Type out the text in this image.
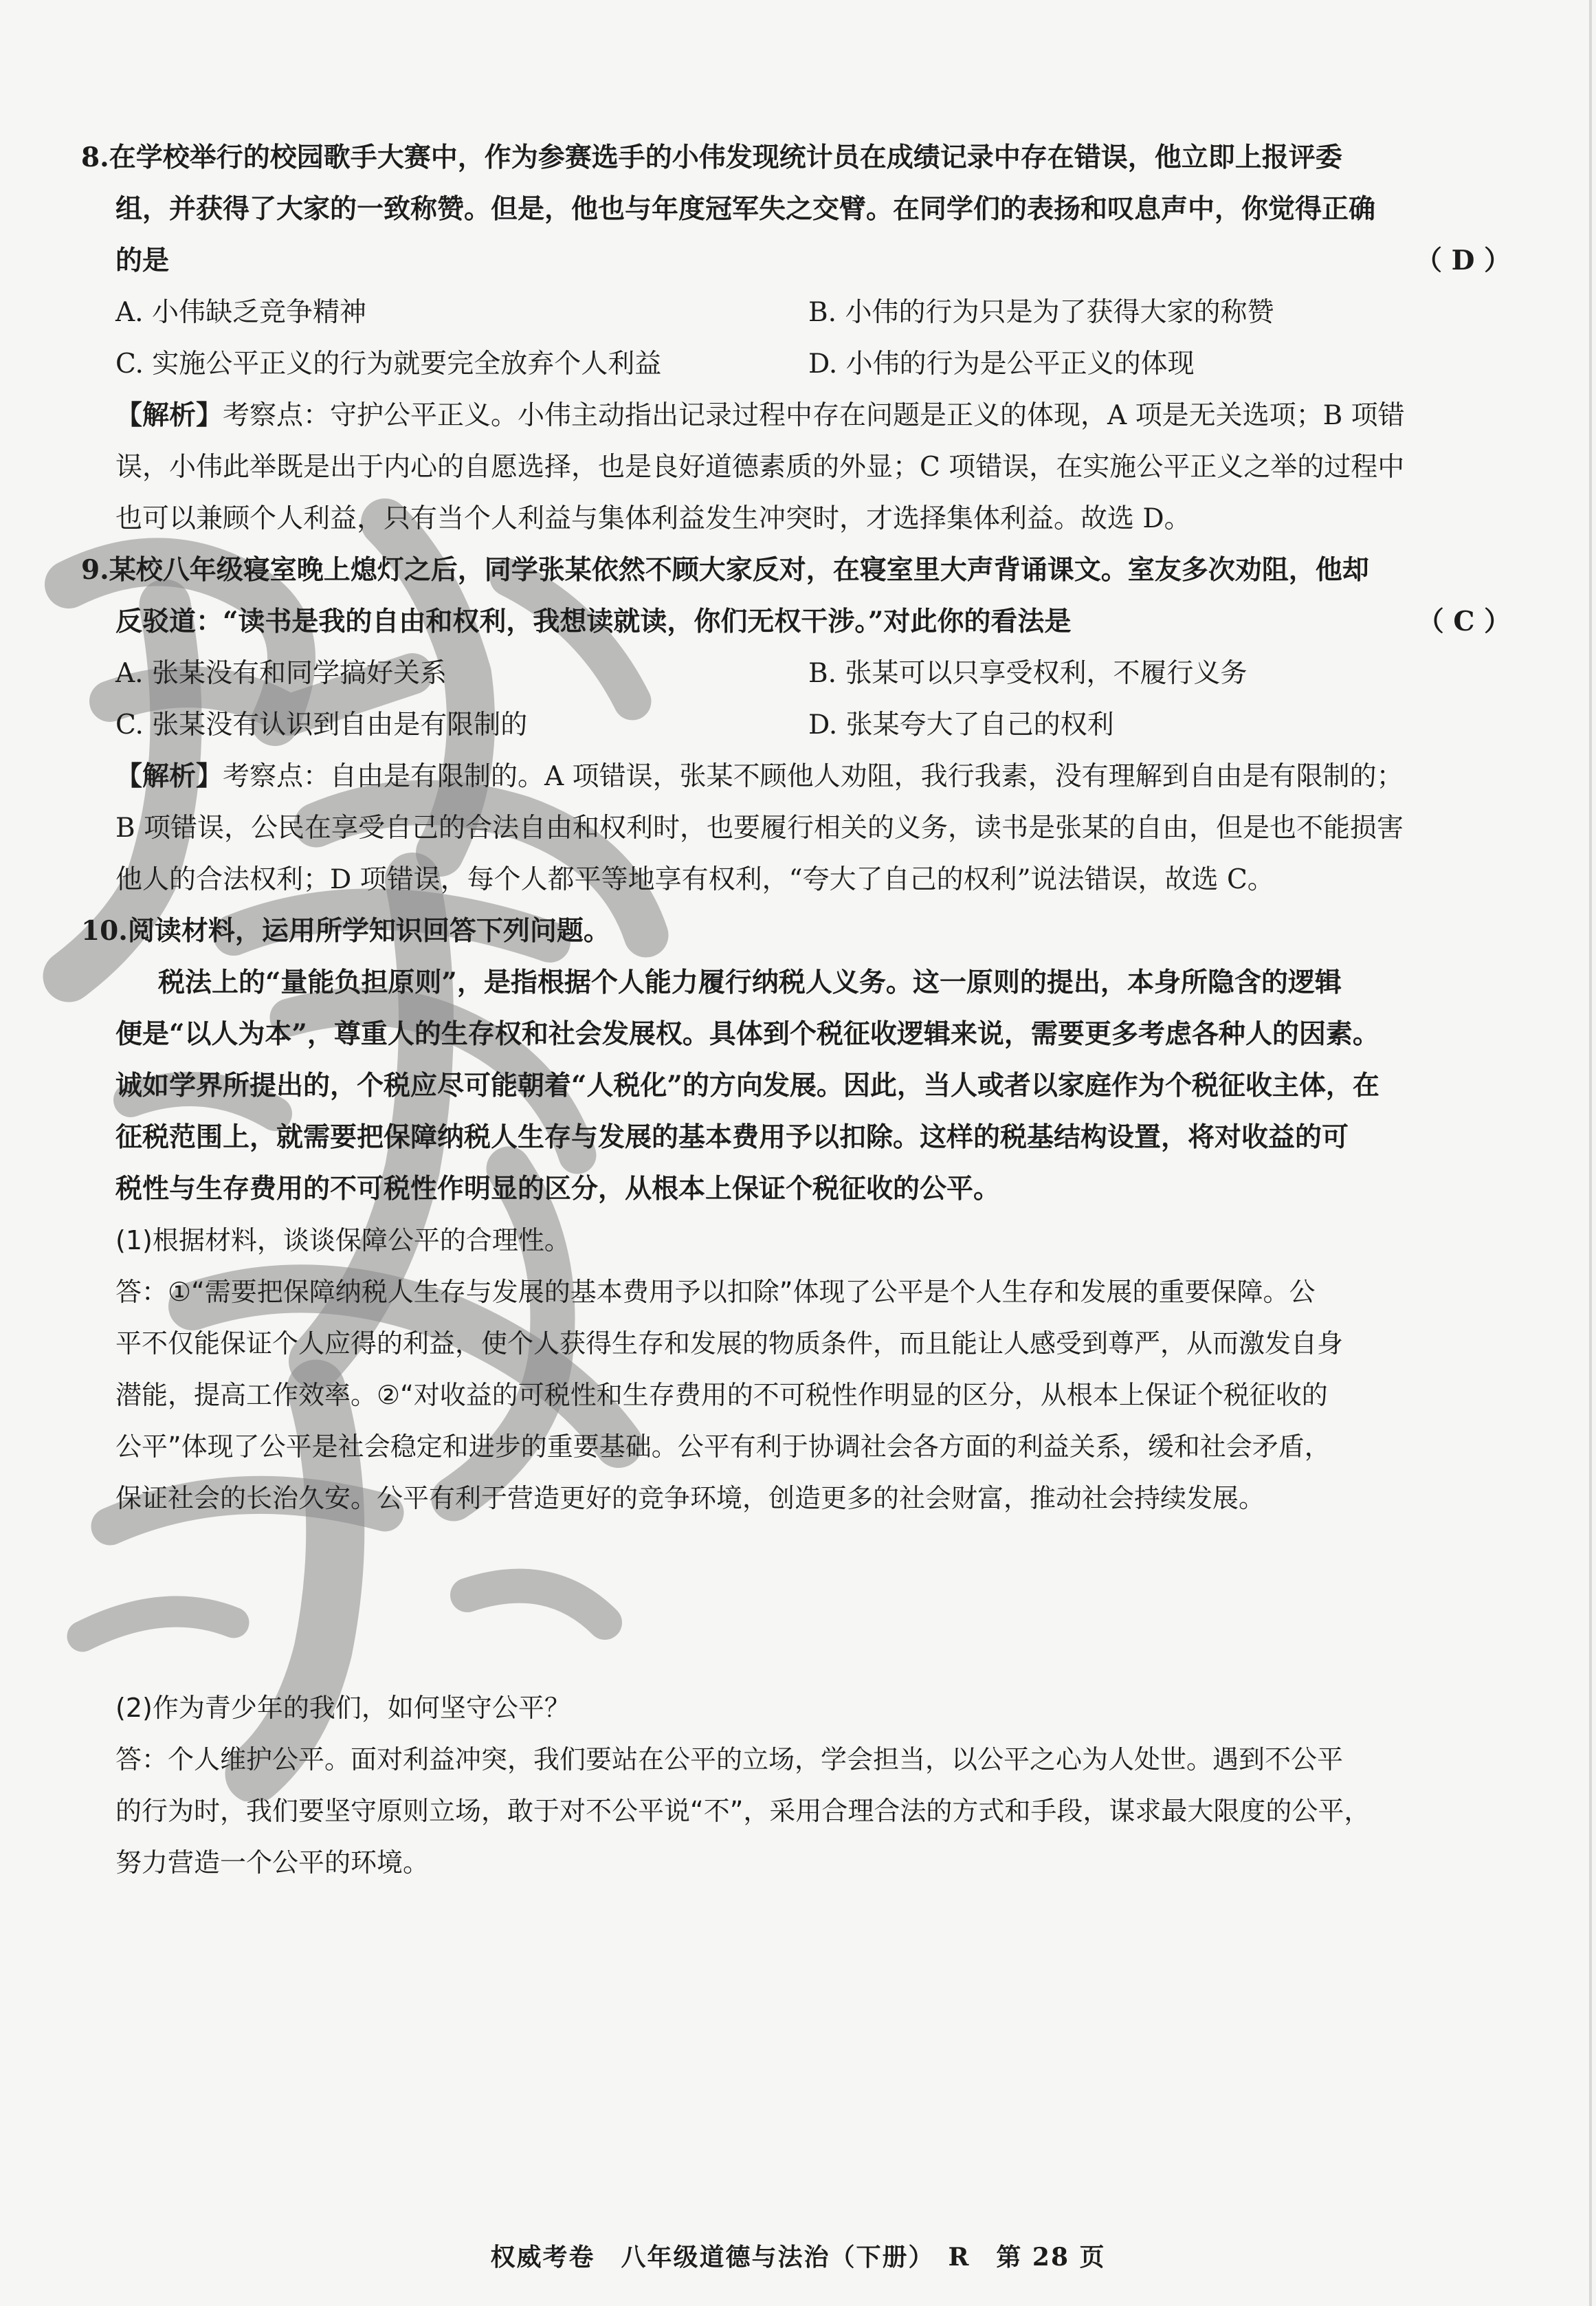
8.在学校举行的校园歌手大赛中，作为参赛选手的小伟发现统计员在成绩记录中存在错误，他立即上报评委
组，并获得了大家的一致称赞。但是，他也与年度冠军失之交臂。在同学们的表扬和叹息声中，你觉得正确
的是	（ D ）
A. 小伟缺乏竞争精神	B. 小伟的行为只是为了获得大家的称赞
C. 实施公平正义的行为就要完全放弃个人利益	D. 小伟的行为是公平正义的体现
【解析】考察点：守护公平正义。小伟主动指出记录过程中存在问题是正义的体现，A 项是无关选项；B 项错
误，小伟此举既是出于内心的自愿选择，也是良好道德素质的外显；C 项错误，在实施公平正义之举的过程中
也可以兼顾个人利益，只有当个人利益与集体利益发生冲突时，才选择集体利益。故选 D。
9.某校八年级寝室晚上熄灯之后，同学张某依然不顾大家反对，在寝室里大声背诵课文。室友多次劝阻，他却
反驳道：“读书是我的自由和权利，我想读就读，你们无权干涉。”对此你的看法是	（ C ）
A. 张某没有和同学搞好关系	B. 张某可以只享受权利，不履行义务
C. 张某没有认识到自由是有限制的	D. 张某夸大了自己的权利
【解析】考察点：自由是有限制的。A 项错误，张某不顾他人劝阻，我行我素，没有理解到自由是有限制的；
B 项错误，公民在享受自己的合法自由和权利时，也要履行相关的义务，读书是张某的自由，但是也不能损害
他人的合法权利；D 项错误，每个人都平等地享有权利，“夸大了自己的权利”说法错误，故选 C。
10.阅读材料，运用所学知识回答下列问题。
税法上的“量能负担原则”，是指根据个人能力履行纳税人义务。这一原则的提出，本身所隐含的逻辑
便是“以人为本”，尊重人的生存权和社会发展权。具体到个税征收逻辑来说，需要更多考虑各种人的因素。
诚如学界所提出的，个税应尽可能朝着“人税化”的方向发展。因此，当人或者以家庭作为个税征收主体，在
征税范围上，就需要把保障纳税人生存与发展的基本费用予以扣除。这样的税基结构设置，将对收益的可
税性与生存费用的不可税性作明显的区分，从根本上保证个税征收的公平。
(1)根据材料，谈谈保障公平的合理性。
答：①“需要把保障纳税人生存与发展的基本费用予以扣除”体现了公平是个人生存和发展的重要保障。公
平不仅能保证个人应得的利益，使个人获得生存和发展的物质条件，而且能让人感受到尊严，从而激发自身
潜能，提高工作效率。②“对收益的可税性和生存费用的不可税性作明显的区分，从根本上保证个税征收的
公平”体现了公平是社会稳定和进步的重要基础。公平有利于协调社会各方面的利益关系，缓和社会矛盾，
保证社会的长治久安。公平有利于营造更好的竞争环境，创造更多的社会财富，推动社会持续发展。
(2)作为青少年的我们，如何坚守公平？
答：个人维护公平。面对利益冲突，我们要站在公平的立场，学会担当，以公平之心为人处世。遇到不公平
的行为时，我们要坚守原则立场，敢于对不公平说“不”，采用合理合法的方式和手段，谋求最大限度的公平，
努力营造一个公平的环境。
权威考卷　八年级道德与法治（下册）　R　第 28 页
